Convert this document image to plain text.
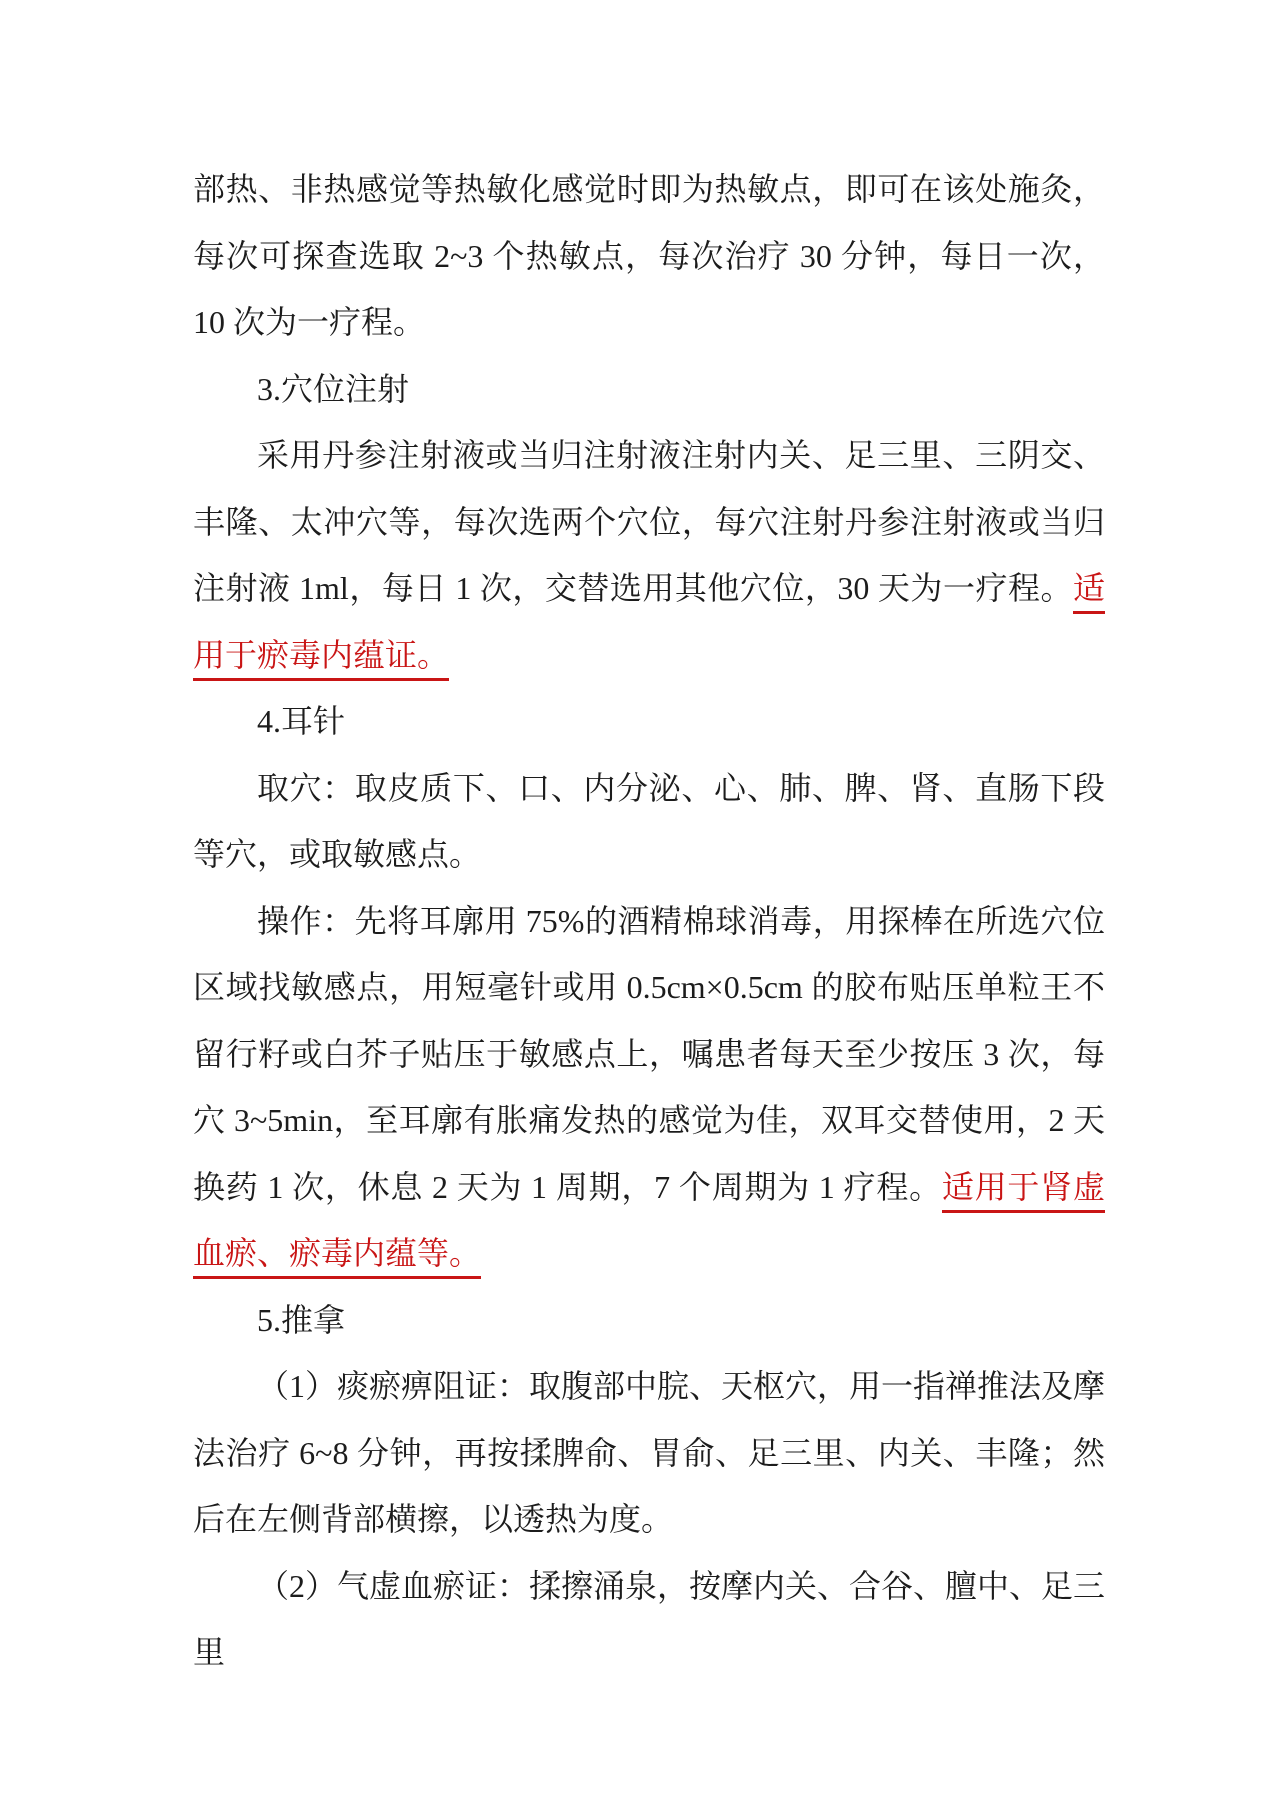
部热、非热感觉等热敏化感觉时即为热敏点，即可在该处施灸，每次可探查选取 2~3 个热敏点，每次治疗 30 分钟，每日一次，10 次为一疗程。

3.穴位注射

采用丹参注射液或当归注射液注射内关、足三里、三阴交、丰隆、太冲穴等，每次选两个穴位，每穴注射丹参注射液或当归注射液 1ml，每日 1 次，交替选用其他穴位，30 天为一疗程。适用于瘀毒内蕴证。

4.耳针

取穴：取皮质下、口、内分泌、心、肺、脾、肾、直肠下段等穴，或取敏感点。

操作：先将耳廓用 75%的酒精棉球消毒，用探棒在所选穴位区域找敏感点，用短毫针或用 0.5cm×0.5cm 的胶布贴压单粒王不留行籽或白芥子贴压于敏感点上，嘱患者每天至少按压 3 次，每穴 3~5min，至耳廓有胀痛发热的感觉为佳，双耳交替使用，2 天换药 1 次，休息 2 天为 1 周期，7 个周期为 1 疗程。适用于肾虚血瘀、瘀毒内蕴等。

5.推拿

（1）痰瘀痹阻证：取腹部中脘、天枢穴，用一指禅推法及摩法治疗 6~8 分钟，再按揉脾俞、胃俞、足三里、内关、丰隆；然后在左侧背部横擦，以透热为度。

（2）气虚血瘀证：揉擦涌泉，按摩内关、合谷、膻中、足三里
